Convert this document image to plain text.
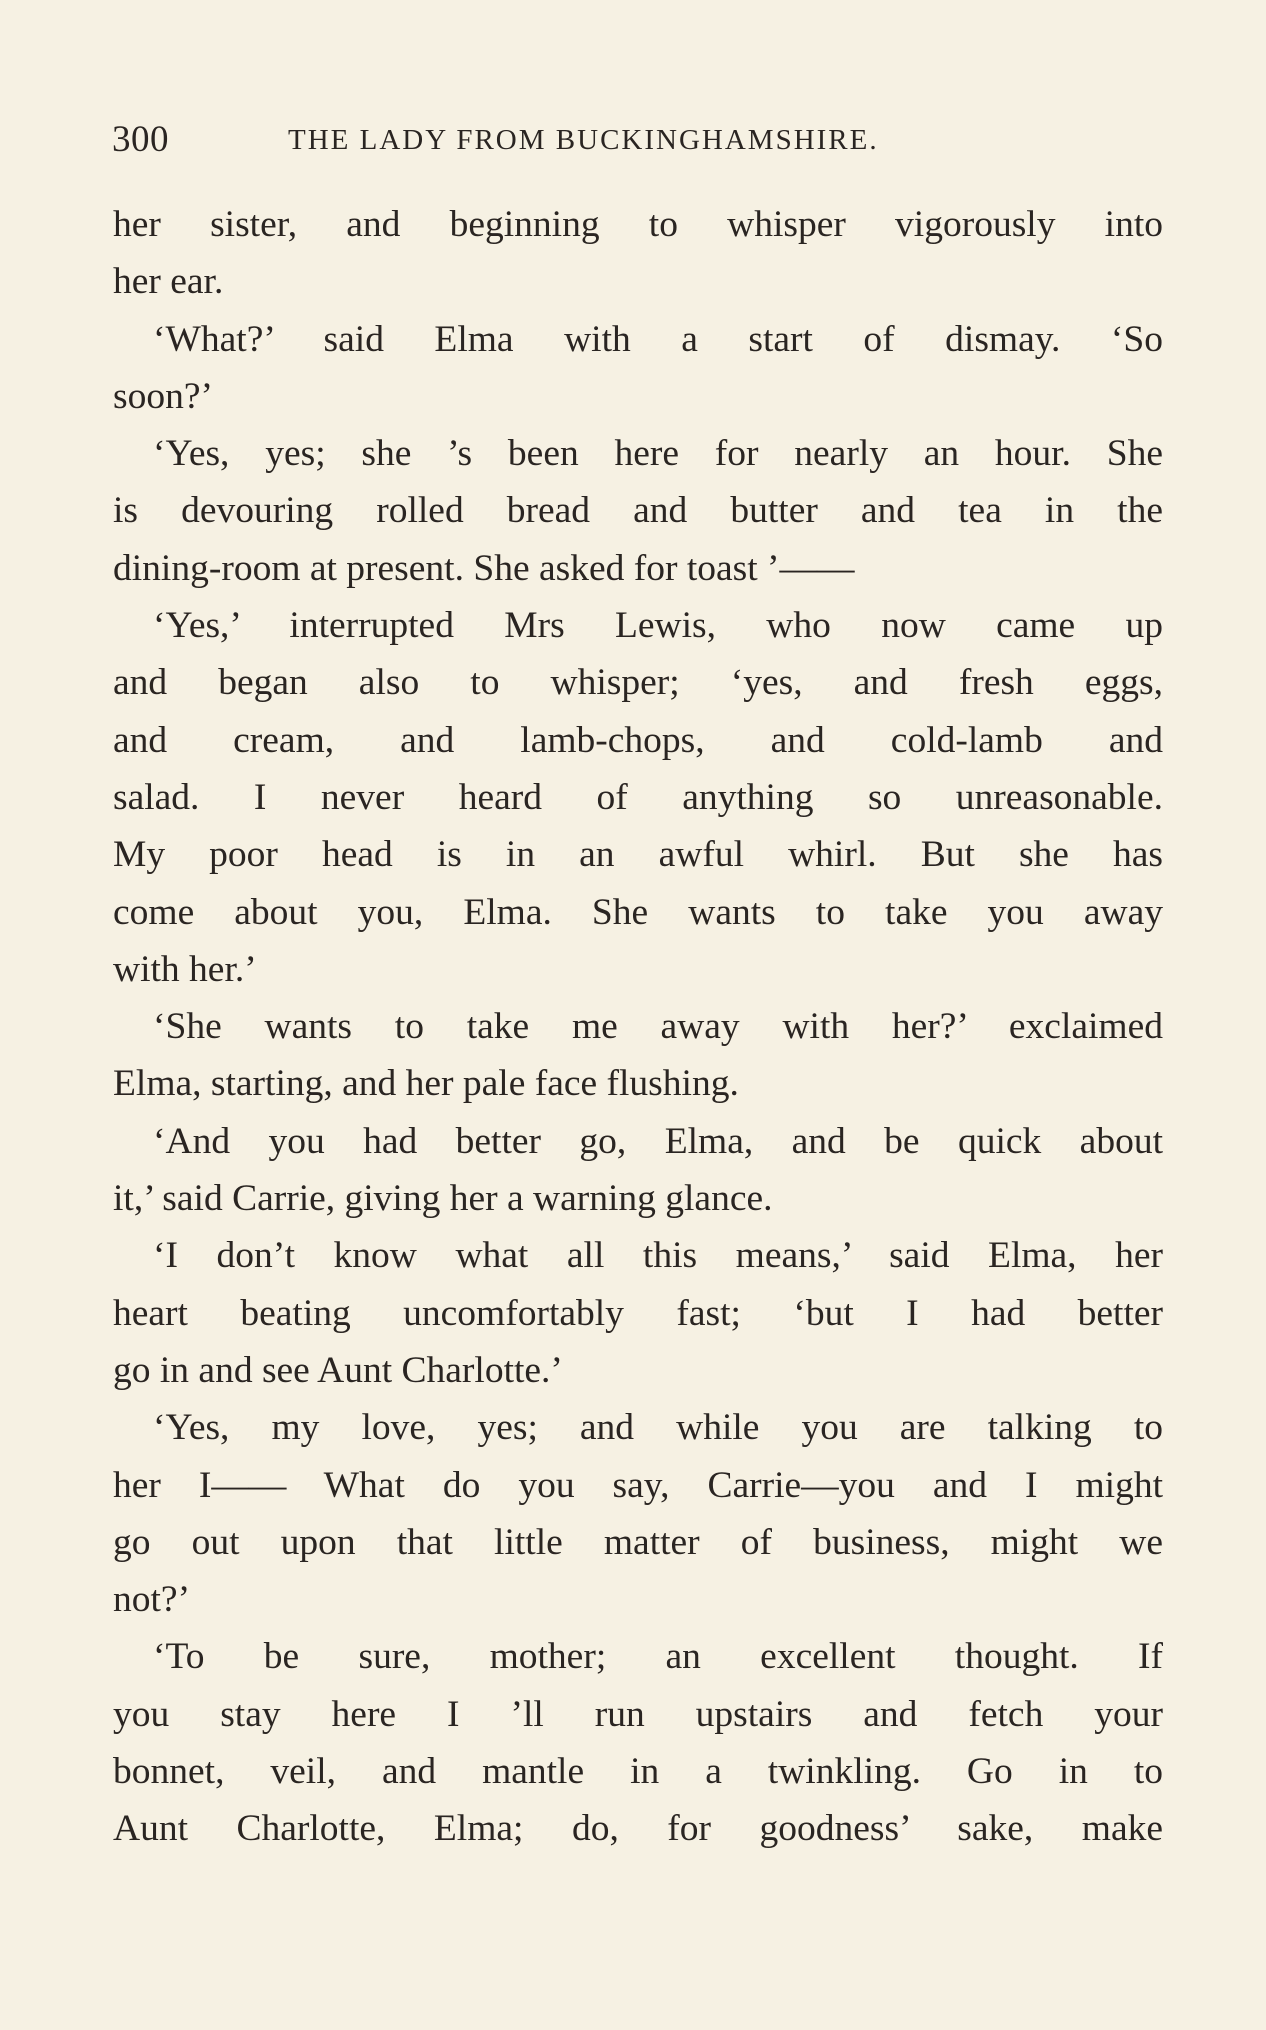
300	THE LADY FROM BUCKINGHAMSHIRE.
her sister, and beginning to whisper vigorously into
her ear.
‘What?’ said Elma with a start of dismay. ‘So
soon?’
‘Yes, yes; she ’s been here for nearly an hour. She
is devouring rolled bread and butter and tea in the
dining-room at present. She asked for toast ’——
‘Yes,’ interrupted Mrs Lewis, who now came up
and began also to whisper; ‘yes, and fresh eggs,
and cream, and lamb-chops, and cold-lamb and
salad. I never heard of anything so unreasonable.
My poor head is in an awful whirl. But she has
come about you, Elma. She wants to take you away
with her.’
‘She wants to take me away with her?’ exclaimed
Elma, starting, and her pale face flushing.
‘And you had better go, Elma, and be quick about
it,’ said Carrie, giving her a warning glance.
‘I don’t know what all this means,’ said Elma, her
heart beating uncomfortably fast; ‘but I had better
go in and see Aunt Charlotte.’
‘Yes, my love, yes; and while you are talking to
her I—— What do you say, Carrie—you and I might
go out upon that little matter of business, might we
not?’
‘To be sure, mother; an excellent thought. If
you stay here I ’ll run upstairs and fetch your
bonnet, veil, and mantle in a twinkling. Go in to
Aunt Charlotte, Elma; do, for goodness’ sake, make
